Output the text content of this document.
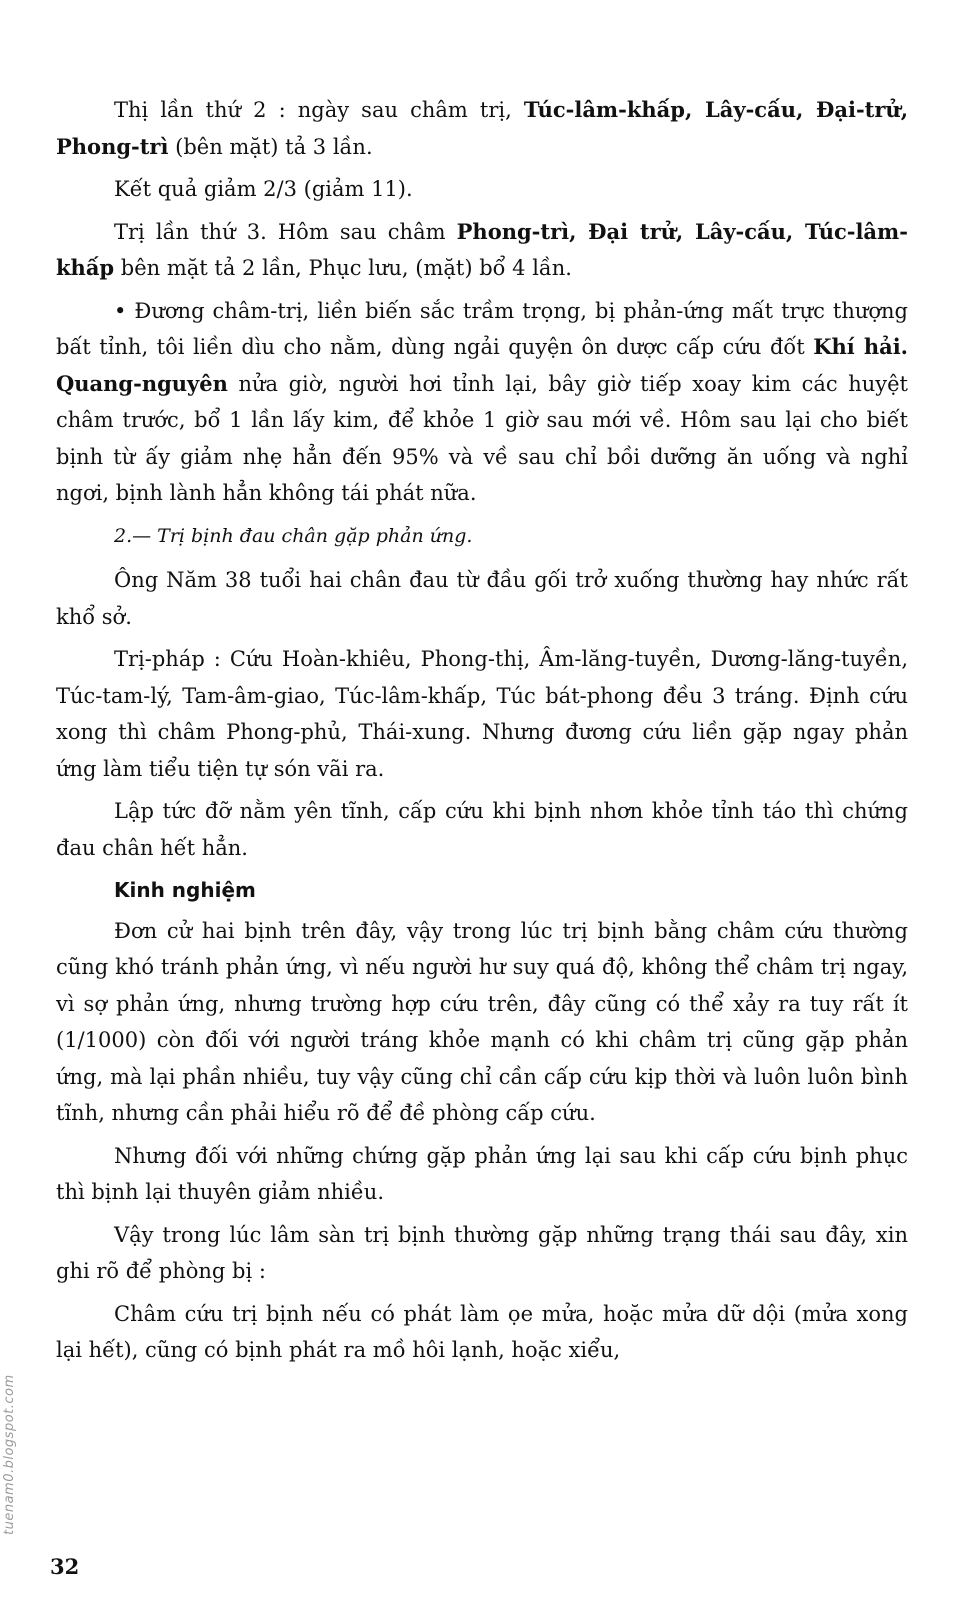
Thị lần thứ 2 : ngày sau châm trị, Túc-lâm-khấp, Lây-cấu, Đại-trử, Phong-trì (bên mặt) tả 3 lần.

Kết quả giảm 2/3 (giảm 11).

Trị lần thứ 3. Hôm sau châm Phong-trì, Đại trử, Lây-cấu, Túc-lâm-khấp bên mặt tả 2 lần, Phục lưu, (mặt) bổ 4 lần.

• Đương châm-trị, liền biến sắc trầm trọng, bị phản-ứng mất trực thượng bất tỉnh, tôi liền dìu cho nằm, dùng ngải quyện ôn dược cấp cứu đốt Khí hải. Quang-nguyên nửa giờ, người hơi tỉnh lại, bây giờ tiếp xoay kim các huyệt châm trước, bổ 1 lần lấy kim, để khỏe 1 giờ sau mới về. Hôm sau lại cho biết bịnh từ ấy giảm nhẹ hẳn đến 95% và về sau chỉ bồi dưỡng ăn uống và nghỉ ngơi, bịnh lành hẳn không tái phát nữa.

2.— Trị bịnh đau chân gặp phản ứng.

Ông Năm 38 tuổi hai chân đau từ đầu gối trở xuống thường hay nhức rất khổ sở.

Trị-pháp : Cứu Hoàn-khiêu, Phong-thị, Âm-lăng-tuyền, Dương-lăng-tuyền, Túc-tam-lý, Tam-âm-giao, Túc-lâm-khấp, Túc bát-phong đều 3 tráng. Định cứu xong thì châm Phong-phủ, Thái-xung. Nhưng đương cứu liền gặp ngay phản ứng làm tiểu tiện tự són vãi ra.

Lập tức đỡ nằm yên tĩnh, cấp cứu khi bịnh nhơn khỏe tỉnh táo thì chứng đau chân hết hẳn.

Kinh nghiệm

Đơn cử hai bịnh trên đây, vậy trong lúc trị bịnh bằng châm cứu thường cũng khó tránh phản ứng, vì nếu người hư suy quá độ, không thể châm trị ngay, vì sợ phản ứng, nhưng trường hợp cứu trên, đây cũng có thể xảy ra tuy rất ít (1/1000) còn đối với người tráng khỏe mạnh có khi châm trị cũng gặp phản ứng, mà lại phần nhiều, tuy vậy cũng chỉ cần cấp cứu kịp thời và luôn luôn bình tĩnh, nhưng cần phải hiểu rõ để đề phòng cấp cứu.

Nhưng đối với những chứng gặp phản ứng lại sau khi cấp cứu bịnh phục thì bịnh lại thuyên giảm nhiều.

Vậy trong lúc lâm sàn trị bịnh thường gặp những trạng thái sau đây, xin ghi rõ để phòng bị :

Châm cứu trị bịnh nếu có phát làm ọe mửa, hoặc mửa dữ dội (mửa xong lại hết), cũng có bịnh phát ra mồ hôi lạnh, hoặc xiểu,

tuenam0.blogspot.com
32
